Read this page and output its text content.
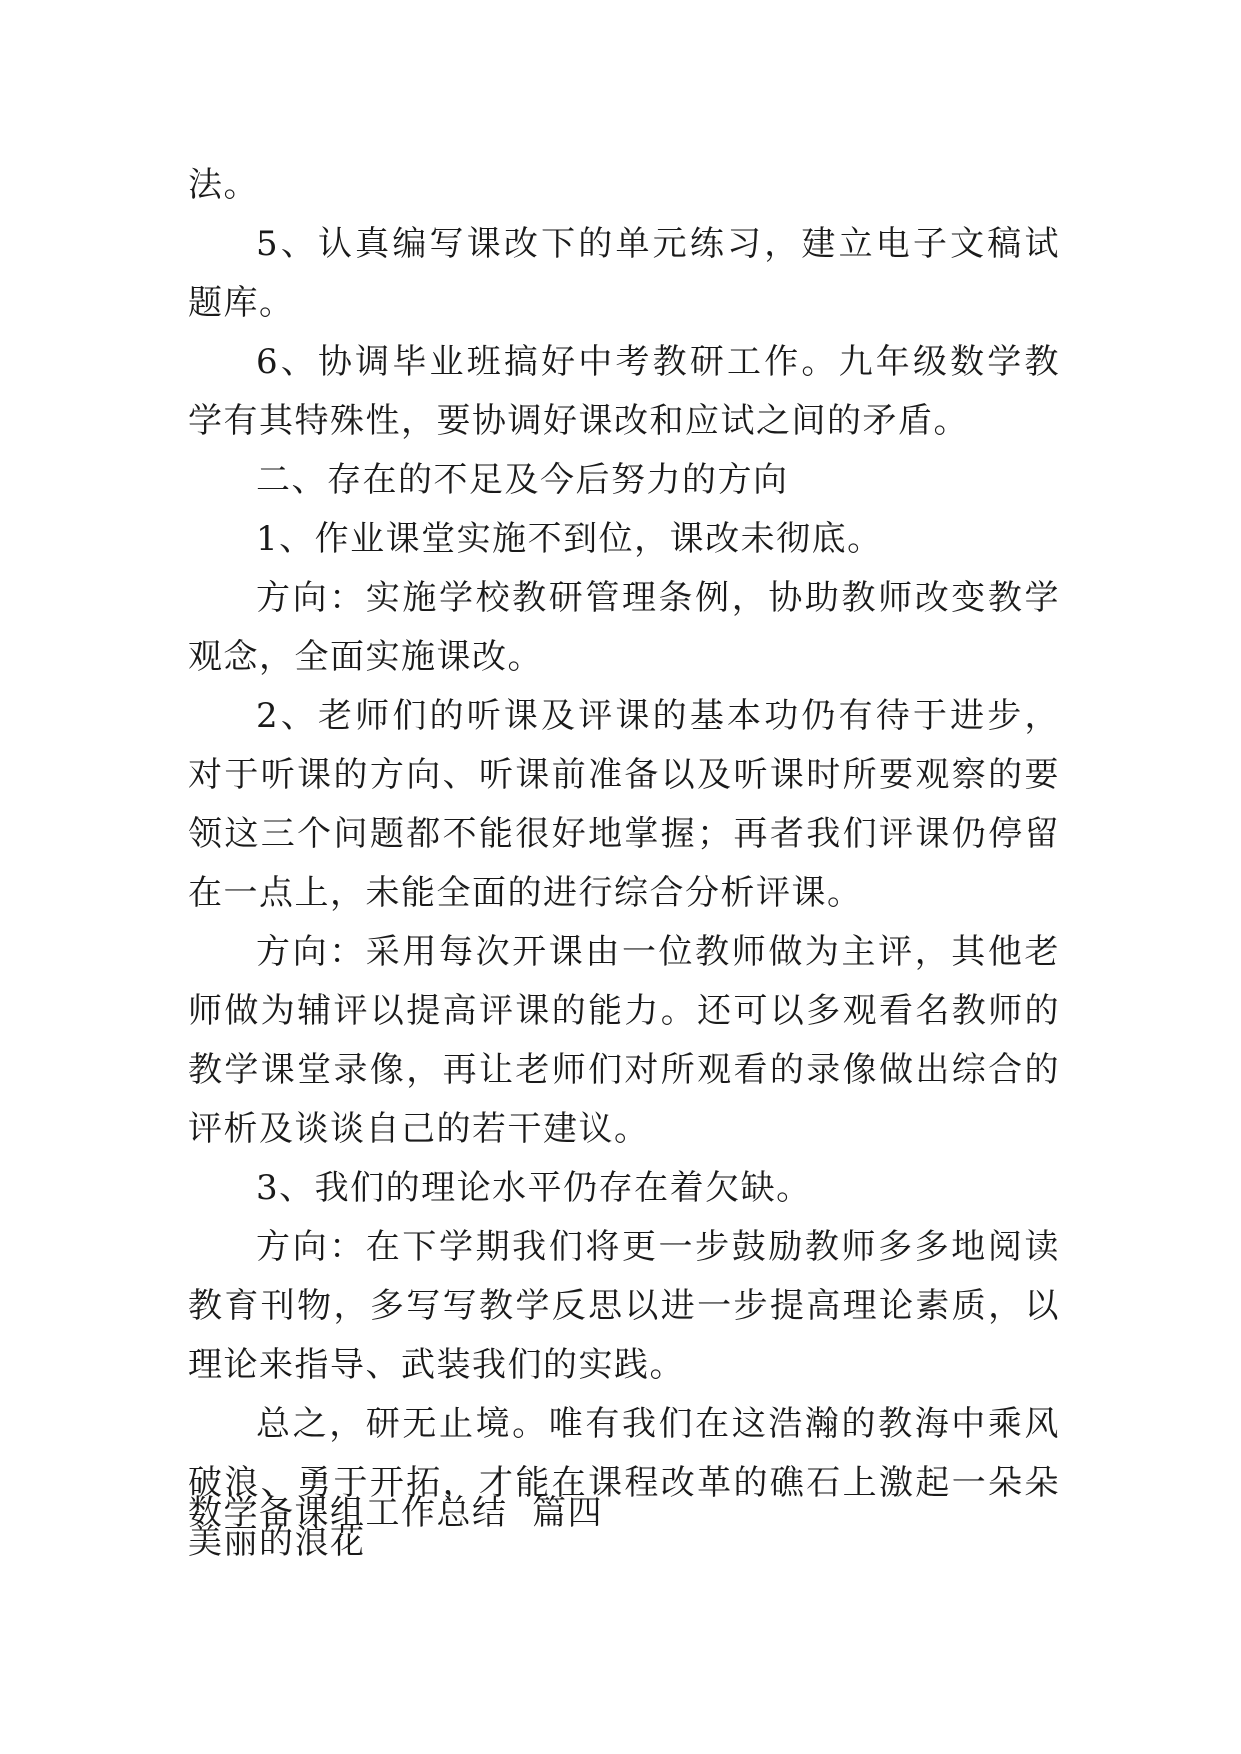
法。

5、认真编写课改下的单元练习，建立电子文稿试题库。

6、协调毕业班搞好中考教研工作。九年级数学教学有其特殊性，要协调好课改和应试之间的矛盾。

二、存在的不足及今后努力的方向

1、作业课堂实施不到位，课改未彻底。

方向：实施学校教研管理条例，协助教师改变教学观念，全面实施课改。

2、老师们的听课及评课的基本功仍有待于进步，对于听课的方向、听课前准备以及听课时所要观察的要领这三个问题都不能很好地掌握；再者我们评课仍停留在一点上，未能全面的进行综合分析评课。

方向：采用每次开课由一位教师做为主评，其他老师做为辅评以提高评课的能力。还可以多观看名教师的教学课堂录像，再让老师们对所观看的录像做出综合的评析及谈谈自己的若干建议。

3、我们的理论水平仍存在着欠缺。

方向：在下学期我们将更一步鼓励教师多多地阅读教育刊物，多写写教学反思以进一步提高理论素质，以理论来指导、武装我们的实践。

总之，研无止境。唯有我们在这浩瀚的教海中乘风破浪、勇于开拓，才能在课程改革的礁石上激起一朵朵美丽的浪花

数学备课组工作总结  篇四
